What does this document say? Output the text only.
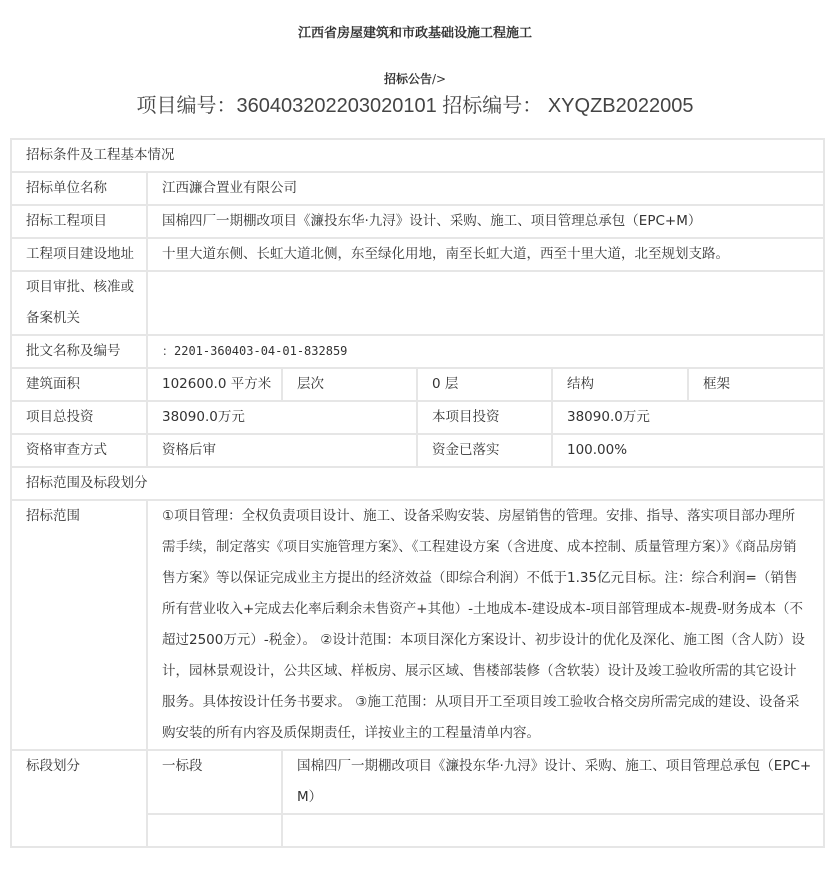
江西省房屋建筑和市政基础设施工程施工
招标公告/>
项目编号：36040320220302010​1 招标编号： XYQZB2022005
招标条件及工程基本情况					
招标单位名称	江西濂合置业有限公司				
招标工程项目	国棉四厂一期棚改项目《濂投东华·九浔》设计、采购、施工、项目管理总承包（EPC+M）				
工程项目建设地址	十里大道东侧、长虹大道北侧，东至绿化用地，南至长虹大道，西至十里大道，北至规划支路。				
项目审批、核准或备案机关					
批文名称及编号	：2201-360403-04-01-832859				
建筑面积	102600.0 平方米	层次	0 层	结构	框架
项目总投资	38090.0万元		本项目投资	38090.0万元	
资格审查方式	资格后审		资金已落实	100.00%	
招标范围及标段划分					
招标范围	①项目管理：全权负责项目设计、施工、设备采购安装、房屋销售的管理。安排、指导、落实项目部办理所需手续，制定落实《项目实施管理方案》、《工程建设方案（含进度、成本控制、质量管理方案）》《商品房销售方案》等以保证完成业主方提出的经济效益（即综合利润）不低于1.35亿元目标。注：综合利润=（销售所有营业收入+完成去化率后剩余未售资产+其他）-土地成本-建设成本-项目部管理成本-规费-财务成本（不超过2500万元）-税金）。 ②设计范围：本项目深化方案设计、初步设计的优化及深化、施工图（含人防）设计，园林景观设计，公共区域、样板房、展示区域、售楼部装修（含软装）设计及竣工验收所需的其它设计服务。具体按设计任务书要求。 ③施工范围：从项目开工至项目竣工验收合格交房所需完成的建设、设备采购安装的所有内容及质保期责任，详按业主的工程量清单内容。				
标段划分	一标段	国棉四厂一期棚改项目《濂投东华·九浔》设计、采购、施工、项目管理总承包（EPC+M）			
